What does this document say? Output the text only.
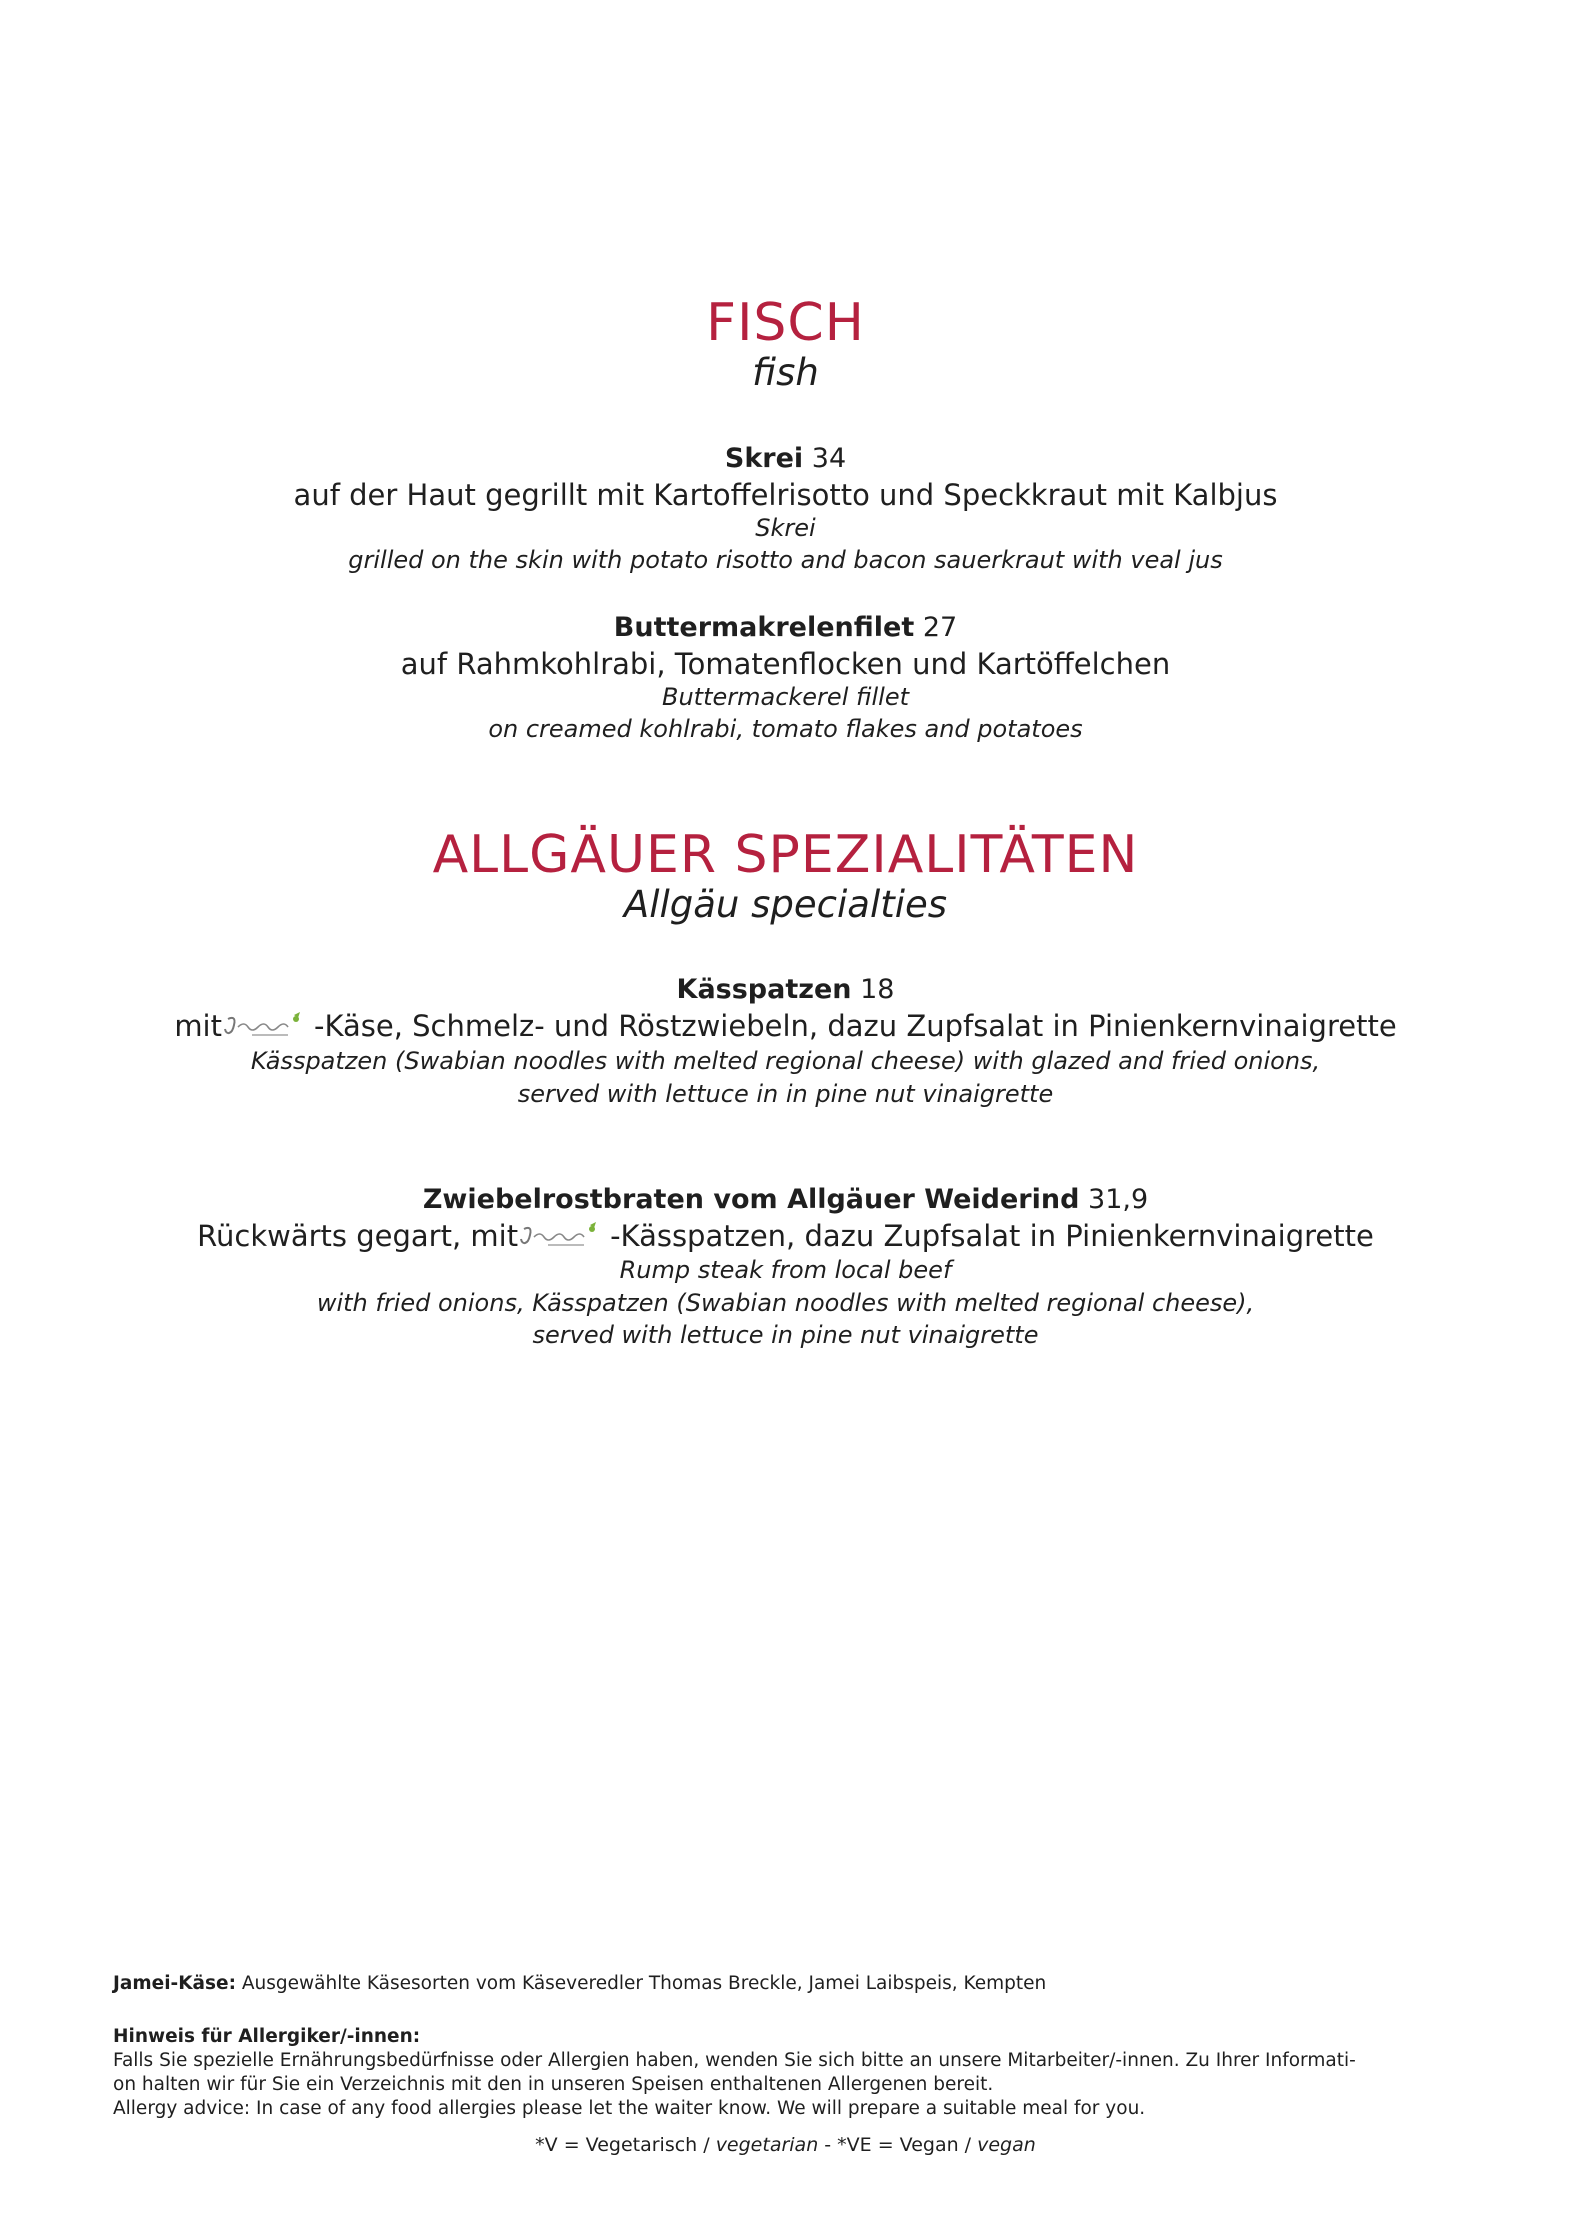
FISCH
fish
Skrei 34
auf der Haut gegrillt mit Kartoffelrisotto und Speckkraut mit Kalbjus
Skrei
grilled on the skin with potato risotto and bacon sauerkraut with veal jus
Buttermakrelenfilet 27
auf Rahmkohlrabi, Tomatenflocken und Kartöffelchen
Buttermackerel fillet
on creamed kohlrabi, tomato flakes and potatoes
ALLGÄUER SPEZIALITÄTEN
Allgäu specialties
Kässpatzen 18
mit	-Käse, Schmelz- und Röstzwiebeln, dazu Zupfsalat in Pinienkernvinaigrette
Kässpatzen (Swabian noodles with melted regional cheese) with glazed and fried onions,
served with lettuce in in pine nut vinaigrette
Zwiebelrostbraten vom Allgäuer Weiderind 31,9
Rückwärts gegart, mit	-Kässpatzen, dazu Zupfsalat in Pinienkernvinaigrette
Rump steak from local beef
with fried onions, Kässpatzen (Swabian noodles with melted regional cheese),
served with lettuce in pine nut vinaigrette
Jamei-Käse: Ausgewählte Käsesorten vom Käseveredler Thomas Breckle, Jamei Laibspeis, Kempten
Hinweis für Allergiker/-innen:
Falls Sie spezielle Ernährungsbedürfnisse oder Allergien haben, wenden Sie sich bitte an unsere Mitarbeiter/-innen. Zu Ihrer Informati-
on halten wir für Sie ein Verzeichnis mit den in unseren Speisen enthaltenen Allergenen bereit.
Allergy advice: In case of any food allergies please let the waiter know. We will prepare a suitable meal for you.
*V = Vegetarisch / vegetarian - *VE = Vegan / vegan
